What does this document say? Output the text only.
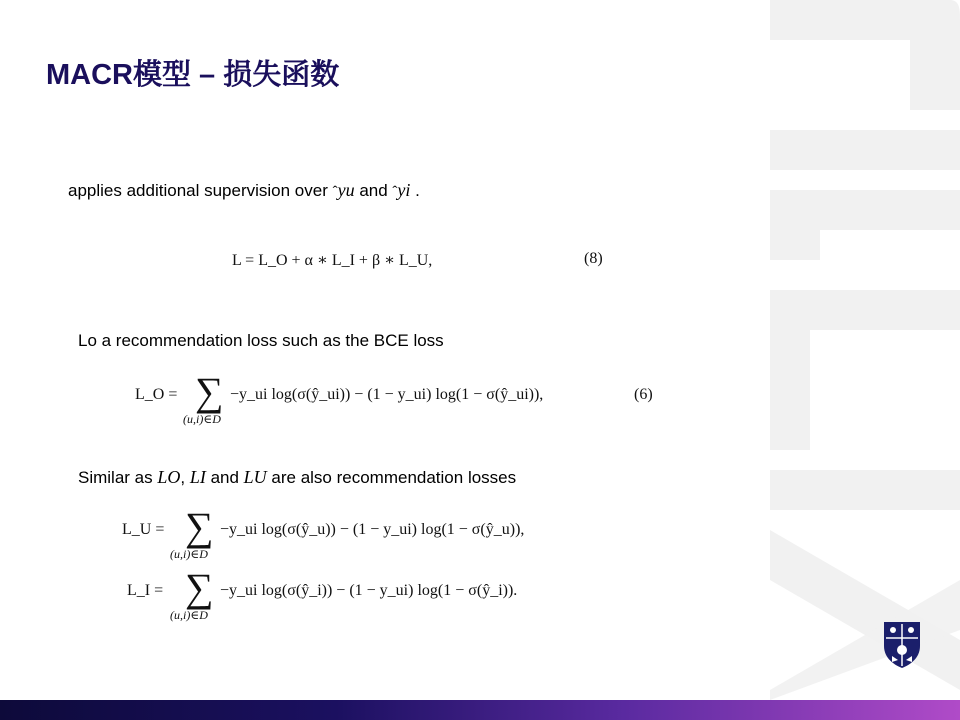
MACR模型 – 损失函数
applies additional supervision over ˆyu and ˆyi .
L = L_O + α ∗ L_I + β ∗ L_U,	(8)
Lo a recommendation loss such as the BCE loss
L_O = ∑
(u,i)∈D
−y_ui log(σ(ŷ_ui)) − (1 − y_ui) log(1 − σ(ŷ_ui)),	(6)
Similar as LO, LI and LU are also recommendation losses
L_U = ∑
(u,i)∈D
−y_ui log(σ(ŷ_u)) − (1 − y_ui) log(1 − σ(ŷ_u)),
L_I = ∑
(u,i)∈D
−y_ui log(σ(ŷ_i)) − (1 − y_ui) log(1 − σ(ŷ_i)).
